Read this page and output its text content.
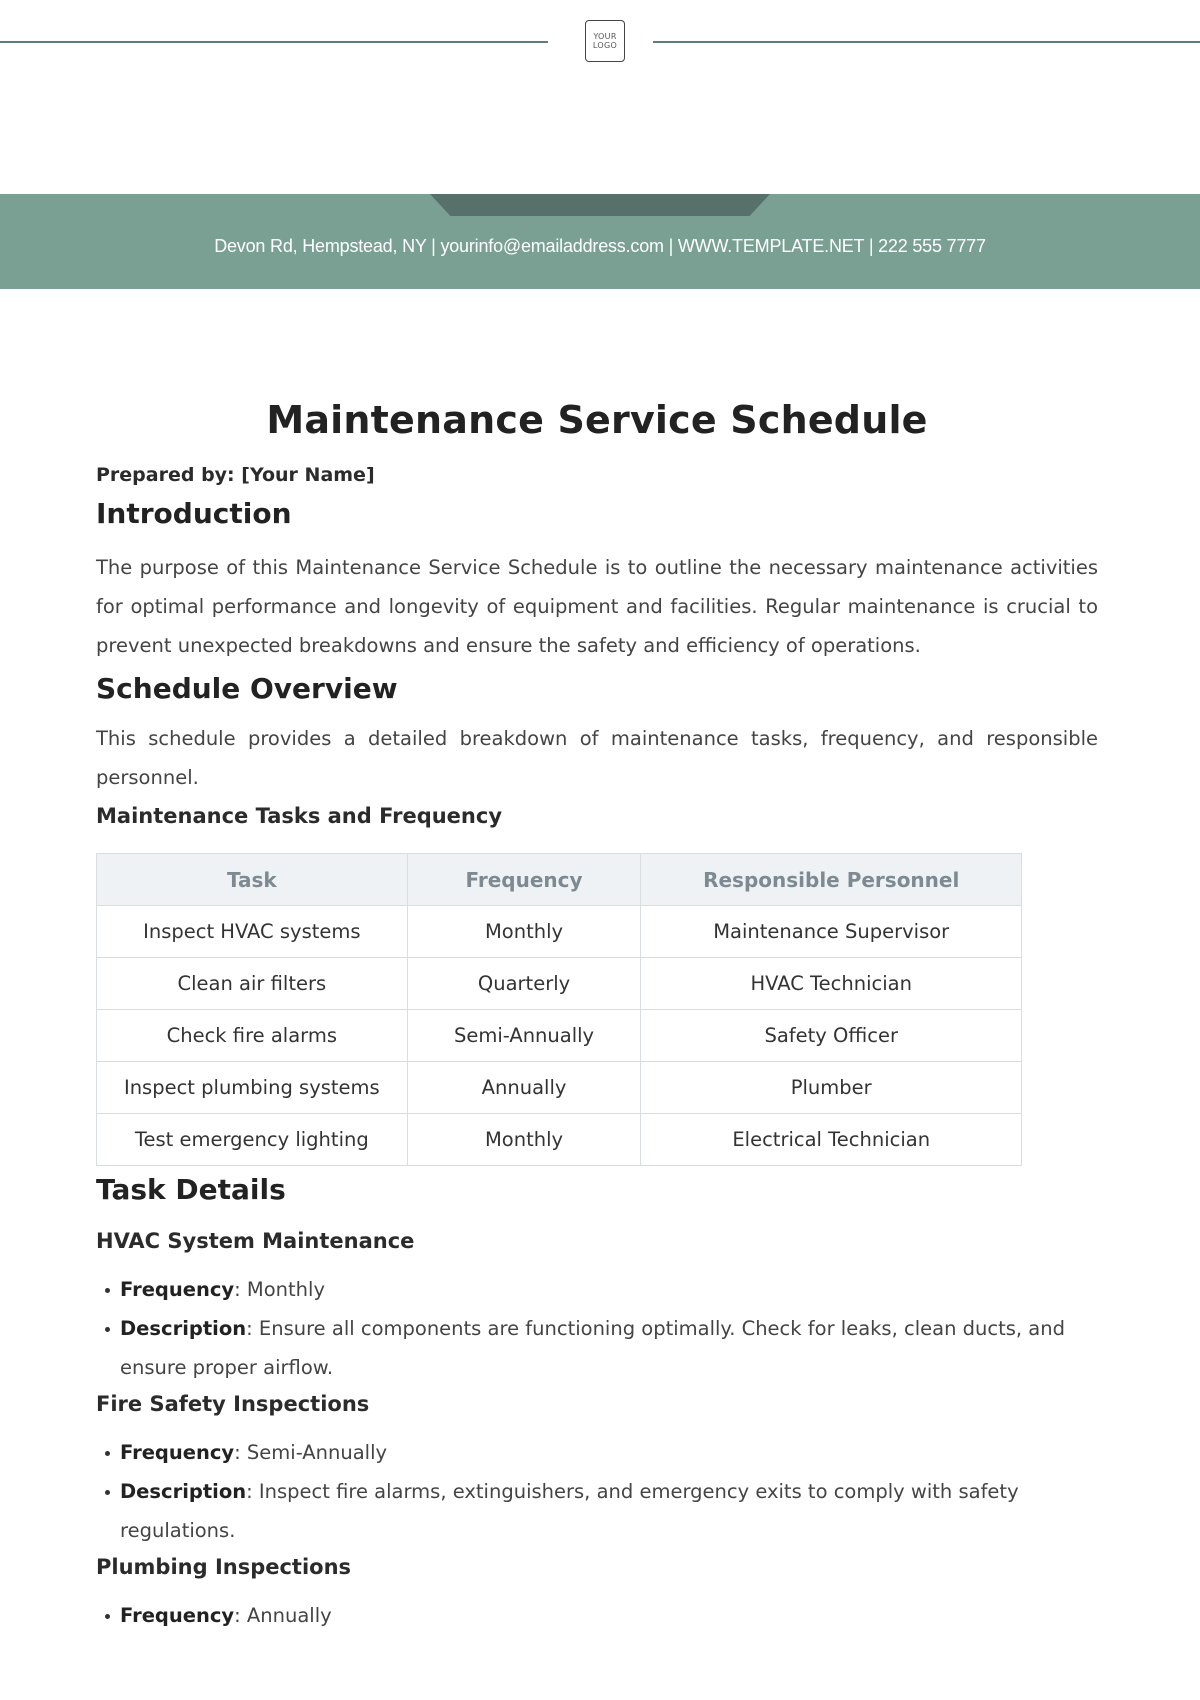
YOUR
LOGO
Devon Rd, Hempstead, NY | yourinfo@emailaddress.com | WWW.TEMPLATE.NET | 222 555 7777
Maintenance Service Schedule
Prepared by: [Your Name]
Introduction

The purpose of this Maintenance Service Schedule is to outline the necessary maintenance activities for optimal performance and longevity of equipment and facilities. Regular maintenance is crucial to prevent unexpected breakdowns and ensure the safety and efficiency of operations.

Schedule Overview

This schedule provides a detailed breakdown of maintenance tasks, frequency, and responsible personnel.

Maintenance Tasks and Frequency
Task	Frequency	Responsible Personnel
Inspect HVAC systems	Monthly	Maintenance Supervisor
Clean air filters	Quarterly	HVAC Technician
Check fire alarms	Semi-Annually	Safety Officer
Inspect plumbing systems	Annually	Plumber
Test emergency lighting	Monthly	Electrical Technician
Task Details
HVAC System Maintenance
Frequency: Monthly
Description: Ensure all components are functioning optimally. Check for leaks, clean ducts, and ensure proper airflow.
Fire Safety Inspections
Frequency: Semi-Annually
Description: Inspect fire alarms, extinguishers, and emergency exits to comply with safety regulations.
Plumbing Inspections
Frequency: Annually
